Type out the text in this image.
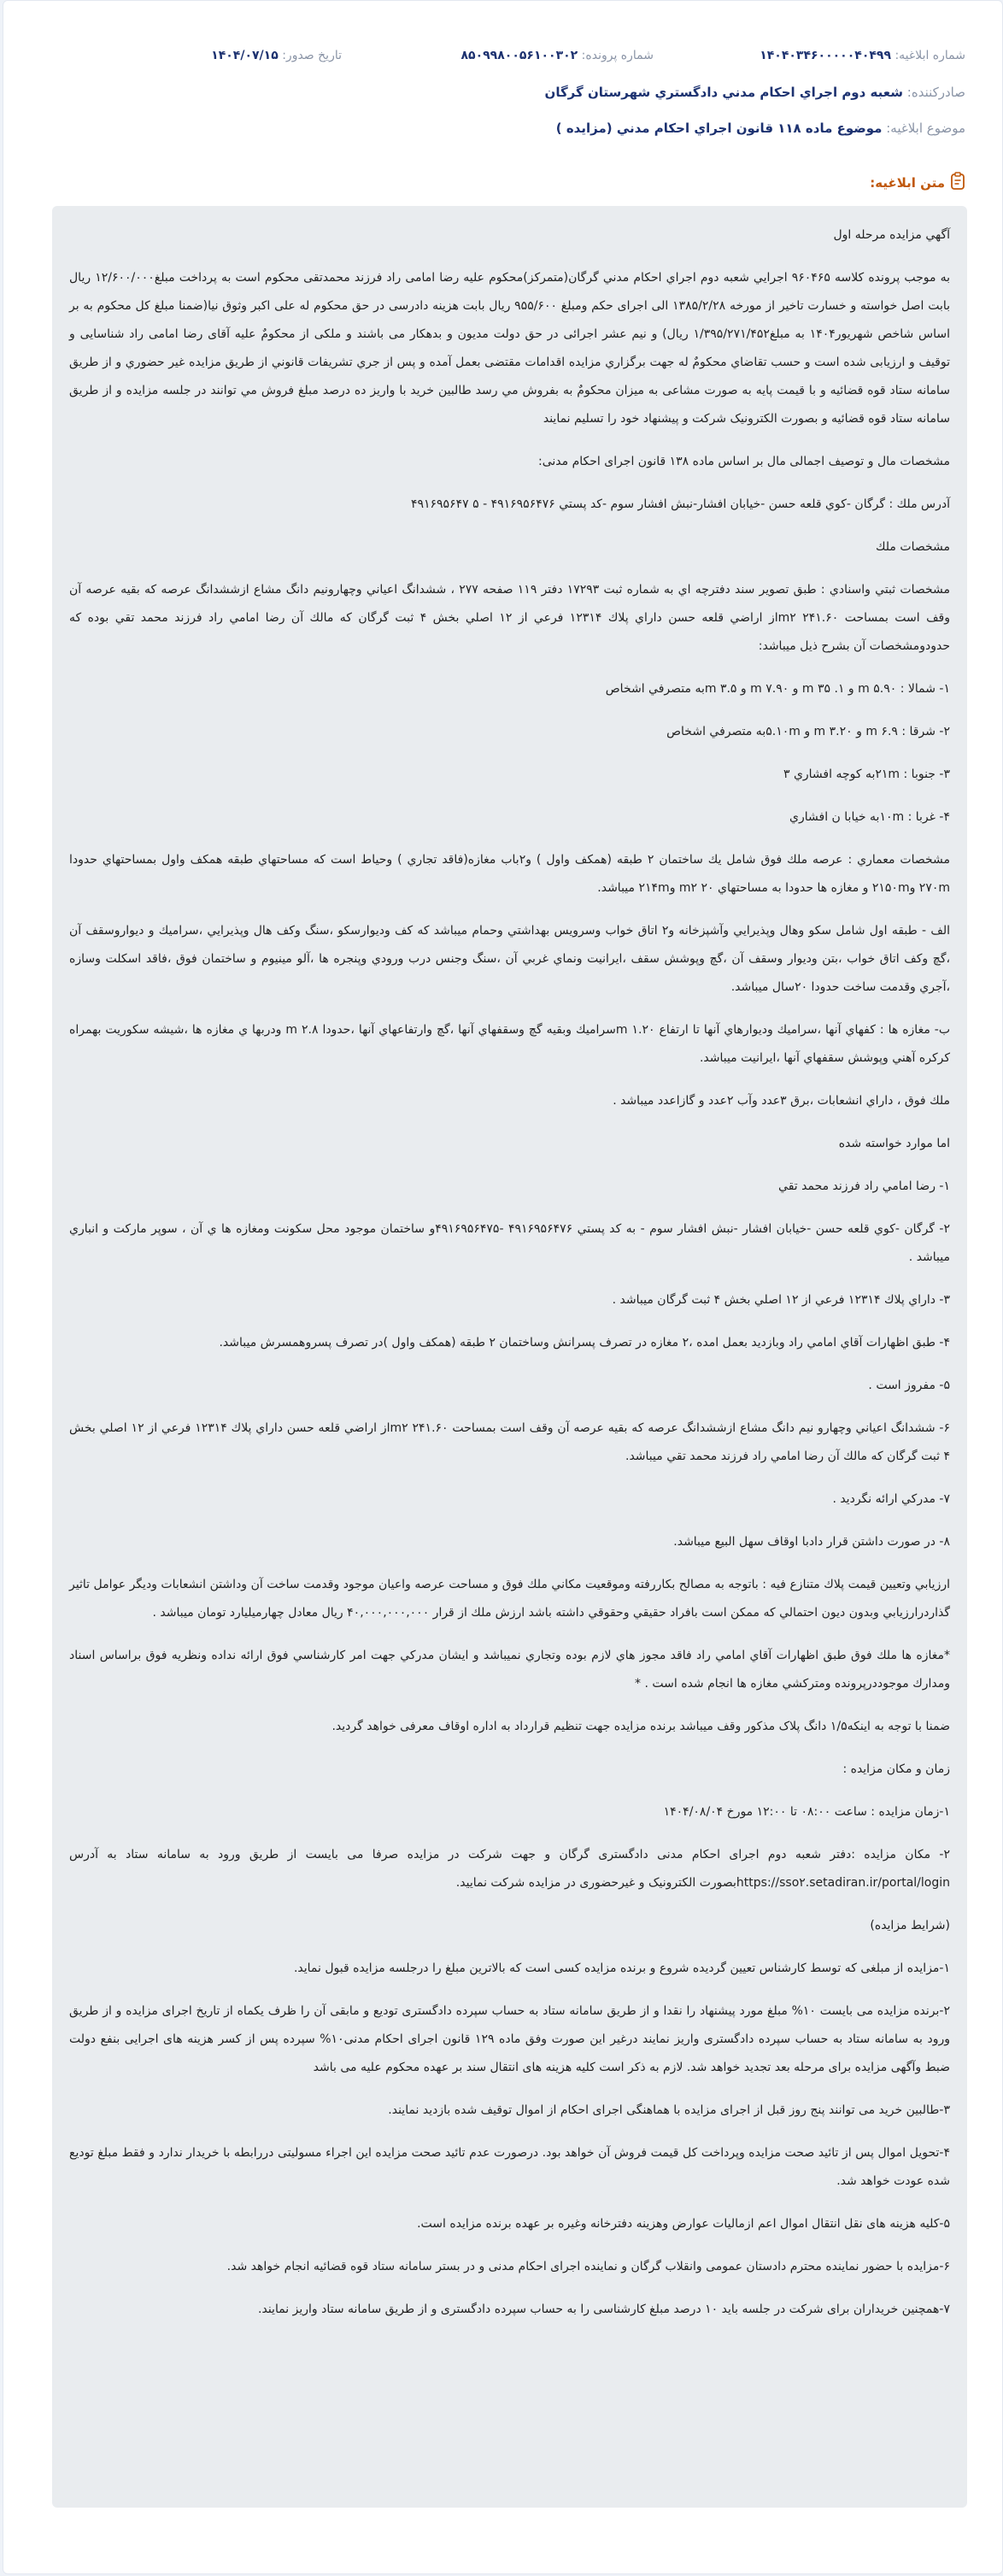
شماره ابلاغیه: ۱۴۰۴۰۳۴۶۰۰۰۰۰۴۰۴۹۹
شماره پرونده: ۸۵۰۹۹۸۰۰۵۶۱۰۰۳۰۲
تاریخ صدور: ۱۴۰۴/۰۷/۱۵
صادرکننده: شعبه دوم اجراي احكام مدني دادگستري شهرستان گرگان
موضوع ابلاغیه: موضوع ماده ۱۱۸ قانون اجراي احكام مدني (مزايده )
متن ابلاغیه:

آگهي مزايده مرحله اول

به موجب پرونده كلاسه ۹۶۰۴۶۵ اجرايي شعبه دوم اجراي احكام مدني گرگان(متمركز)محكوم عليه رضا امامی راد فرزند محمدتقی محكوم است به پرداخت مبلغ۱۲/۶۰۰/۰۰۰ ریال بابت اصل خواسته و خسارت تاخیر از مورخه ۱۳۸۵/۲/۲۸ الی اجرای حکم ومبلغ ۹۵۵/۶۰۰ ریال بابت هزینه دادرسی در حق محکوم له علی اکبر وثوق نیا(ضمنا مبلغ کل محکوم به بر اساس شاخص شهریور۱۴۰۴ به مبلغ۱/۳۹۵/۲۷۱/۴۵۲ ریال) و نیم عشر اجرائی در حق دولت مدیون و بدهکار می باشند و ملکی از محکومٌ علیه آقای رضا امامی راد شناسایی و توقیف و ارزیابی شده است و حسب تقاضاي محكومٌ له جهت برگزاري مزايده اقدامات مقتضی بعمل آمده و پس از جري تشريفات قانوني از طريق مزايده غير حضوري و از طريق سامانه ستاد قوه قضائيه و با قيمت پايه به صورت مشاعی به ميزان محكومٌ به بفروش مي رسد طالبين خريد با واريز ده درصد مبلغ فروش مي توانند در جلسه مزايده و از طريق سامانه ستاد قوه قضائيه و بصورت الكترونيک شركت و پيشنهاد خود را تسليم نمايند

مشخصات مال و توصیف اجمالی مال بر اساس ماده ۱۳۸ قانون اجرای احکام مدنی:

آدرس ملك : گرگان -كوي قلعه حسن -خيابان افشار-نبش افشار سوم -كد پستي ۴۹۱۶۹۵۶۴۷۶ - ۵ ۴۹۱۶۹۵۶۴۷

مشخصات ملك

مشخصات ثبتي واسنادي : طبق تصوير سند دفترچه اي به شماره ثبت ۱۷۲۹۳ دفتر ۱۱۹ صفحه ۲۷۷ ، ششدانگ اعياني وچهارونيم دانگ مشاع ازششدانگ عرصه كه بقيه عرصه آن وقف است بمساحت ۲۴۱.۶۰ m۲از اراضي قلعه حسن داراي پلاك ۱۲۳۱۴ فرعي از ۱۲ اصلي بخش ۴ ثبت گرگان كه مالك آن رضا امامي راد فرزند محمد تقي بوده كه حدودومشخصات آن بشرح ذيل ميباشد:

۱- شمالا : ۵.۹۰ m و ۱. ۳۵ m و ۷.۹۰ m و ۳.۵ mبه متصرفي اشخاص

۲- شرقا : ۶.۹ m و ۳.۲۰ m و ۵.۱۰mبه متصرفي اشخاص

۳- جنوبا : ۲۱mبه كوچه افشاري ۳

۴- غربا : ۱۰mبه خيابا ن افشاري

مشخصات معماري : عرصه ملك فوق شامل يك ساختمان ۲ طبقه (همكف واول ) و۲باب مغازه(فاقد تجاري ) وحياط است كه مساحتهاي طبقه همكف واول بمساحتهاي حدودا ۲۷۰m و۲۱۵۰m و مغازه ها حدودا به مساحتهاي ۲۰ m۲ و۲۱۴m ميباشد.

الف - طبقه اول شامل سكو وهال وپذيرايي وآشپزخانه و۲ اتاق خواب وسرويس بهداشتي وحمام ميباشد كه كف وديوارسكو ،سنگ وكف هال وپذيرايي ،سراميك و ديواروسقف آن ،گچ وكف اتاق خواب ،بتن وديوار وسقف آن ،گچ وپوشش سقف ،ايرانيت ونماي غربي آن ،سنگ وجنس درب ورودي وپنجره ها ،آلو مينيوم و ساختمان فوق ،فاقد اسكلت وسازه ،آجري وقدمت ساخت حدودا ۲۰سال ميباشد.

ب- مغازه ها : كفهاي آنها ،سراميك وديوارهاي آنها تا ارتفاع ۱.۲۰ mسراميك وبقيه گچ وسقفهاي آنها ،گچ وارتفاعهاي آنها ،حدودا ۲.۸ m ودربها ي مغازه ها ،شيشه سكوريت بهمراه كركره آهني وپوشش سقفهاي آنها ،ايرانيت ميباشد.

ملك فوق ، داراي انشعابات ،برق ۳عدد وآب ۲عدد و گازاعدد ميباشد .

اما موارد خواسته شده

۱- رضا امامي راد فرزند محمد تقي

۲- گرگان -كوي قلعه حسن -خيابان افشار -نبش افشار سوم - به كد پستي ۴۹۱۶۹۵۶۴۷۶ -۴۹۱۶۹۵۶۴۷۵و ساختمان موجود محل سكونت ومغازه ها ي آن ، سوپر ماركت و انباري ميباشد .

۳- داراي پلاك ۱۲۳۱۴ فرعي از ۱۲ اصلي بخش ۴ ثبت گرگان ميباشد .

۴- طبق اظهارات آقاي امامي راد وبازديد بعمل امده ،۲ مغازه در تصرف پسرانش وساختمان ۲ طبقه (همكف واول )در تصرف پسروهمسرش ميباشد.

۵- مفروز است .

۶- ششدانگ اعياني وچهارو نيم دانگ مشاع ازششدانگ عرصه كه بقيه عرصه آن وقف است بمساحت ۲۴۱.۶۰ m۲از اراضي قلعه حسن داراي پلاك ۱۲۳۱۴ فرعي از ۱۲ اصلي بخش ۴ ثبت گرگان كه مالك آن رضا امامي راد فرزند محمد تقي ميباشد.

۷- مدركي ارائه نگرديد .

۸- در صورت داشتن قرار دادبا اوقاف سهل البيع ميباشد.

ارزيابي وتعيين قيمت پلاك متنازع فيه : باتوجه به مصالح بكاررفته وموقعيت مكاني ملك فوق و مساحت عرصه واعيان موجود وقدمت ساخت آن وداشتن انشعابات وديگر عوامل تاثير گذاردرارزيابي وبدون ديون احتمالي كه ممكن است بافراد حقيقي وحقوقي داشته باشد ارزش ملك از قرار ۴۰,۰۰۰,۰۰۰,۰۰۰ ريال معادل چهارميليارد تومان ميباشد .

*مغازه ها ملك فوق طبق اظهارات آقاي امامي راد فاقد مجوز هاي لازم بوده وتجاري نميباشد و ايشان مدركي جهت امر كارشناسي فوق ارائه نداده ونظريه فوق براساس اسناد ومدارك موجوددرپرونده ومتركشي مغازه ها انجام شده است . *

ضمنا با توجه به اینکه۱/۵ دانگ پلاک مذکور وقف میباشد برنده مزایده جهت تنظیم قرارداد به اداره اوقاف معرفی خواهد گردید.

زمان و مكان مزايده :

۱-زمان مزايده : ساعت ۰۸:۰۰ تا ۱۲:۰۰ مورخ ۱۴۰۴/۰۸/۰۴

۲- مکان مزایده :دفتر شعبه دوم اجرای احکام مدنی دادگستری گرگان و جهت شرکت در مزایده صرفا می بایست از طریق ورود به سامانه ستاد به آدرس https://sso۲.setadiran.ir/portal/loginبصورت الکترونیک و غیرحضوری در مزایده شرکت نمایید.

(شرايط مزايده)

۱-مزایده از مبلغی که توسط کارشناس تعیین گردیده شروع و برنده مزایده کسی است که بالاترین مبلغ را درجلسه مزایده قبول نماید.

۲-برنده مزایده می بایست ۱۰% مبلغ مورد پیشنهاد را نقدا و از طریق سامانه ستاد به حساب سپرده دادگستری تودیع و مابقی آن را ظرف یکماه از تاریخ اجرای مزایده و از طریق ورود به سامانه ستاد به حساب سپرده دادگستری واریز نمایند درغیر این صورت وفق ماده ۱۲۹ قانون اجرای احکام مدنی۱۰% سپرده پس از کسر هزینه های اجرایی بنفع دولت ضبط وآگهی مزایده برای مرحله بعد تجدید خواهد شد. لازم به ذکر است کلیه هزینه های انتقال سند بر عهده محکوم علیه می باشد

۳-طالبین خرید می توانند پنج روز قبل از اجرای مزایده با هماهنگی اجرای احکام از اموال توقیف شده بازدید نمایند.

۴-تحویل اموال پس از تائید صحت مزایده وپرداخت کل قیمت فروش آن خواهد بود. درصورت عدم تائید صحت مزایده این اجراء مسولیتی دررابطه با خریدار ندارد و فقط مبلغ تودیع شده عودت خواهد شد.

۵-کلیه هزینه های نقل انتقال اموال اعم ازمالیات عوارض وهزینه دفترخانه وغیره بر عهده برنده مزایده است.

۶-مزایده با حضور نماینده محترم دادستان عمومی وانقلاب گرگان و نماینده اجرای احکام مدنی و در بستر سامانه ستاد قوه قضائیه انجام خواهد شد.

۷-همچنین خریداران برای شرکت در جلسه باید ۱۰ درصد مبلغ کارشناسی را به حساب سپرده دادگستری و از طریق سامانه ستاد واریز نمایند.
